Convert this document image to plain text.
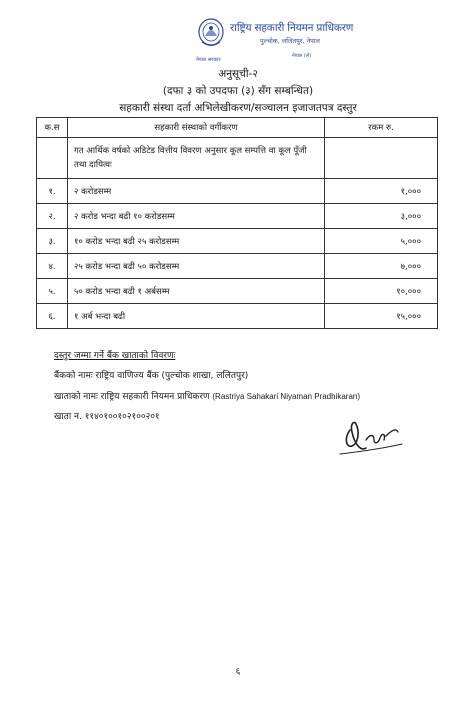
राष्ट्रिय सहकारी नियमन प्राधिकरण
पुल्चोक, ललितपुर, नेपाल
नेपाल सरकार
नेपाल (ले)
अनुसूची-२
(दफा ३ को उपदफा (३) सँग सम्बन्धित)
सहकारी संस्था दर्ता अभिलेखीकरण/सञ्चालन इजाजतपत्र दस्तुर
क.स	सहकारी संस्थाको वर्गीकरण	रकम रु.
	गत आर्थिक वर्षको अडिटेड वित्तीय विवरण अनुसार कूल सम्पत्ति वा कूल पूँजी तथा दायित्वः	
१.	२ करोडसम्म	१,०००
२.	२ करोड भन्दा बढी १० करोडसम्म	३,०००
३.	१० करोड भन्दा बढी २५ करोडसम्म	५,०००
४.	२५ करोड भन्दा बढी ५० करोडसम्म	७,०००
५.	५० करोड भन्दा बढी १ अर्बसम्म	१०,०००
६.	१ अर्ब भन्दा बढी	१५,०००
दस्तुर जम्मा गर्ने बैंक खाताको विवरणः
बैंकको नामः राष्ट्रिय वाणिज्य बैंक (पुल्चोक शाखा, ललितपुर)
खाताको नामः राष्ट्रिय सहकारी नियमन प्राधिकरण (Rastriya Sahakari Niyaman Pradhikaran)
खाता न. ११४०१००१०२१००२०१
६
